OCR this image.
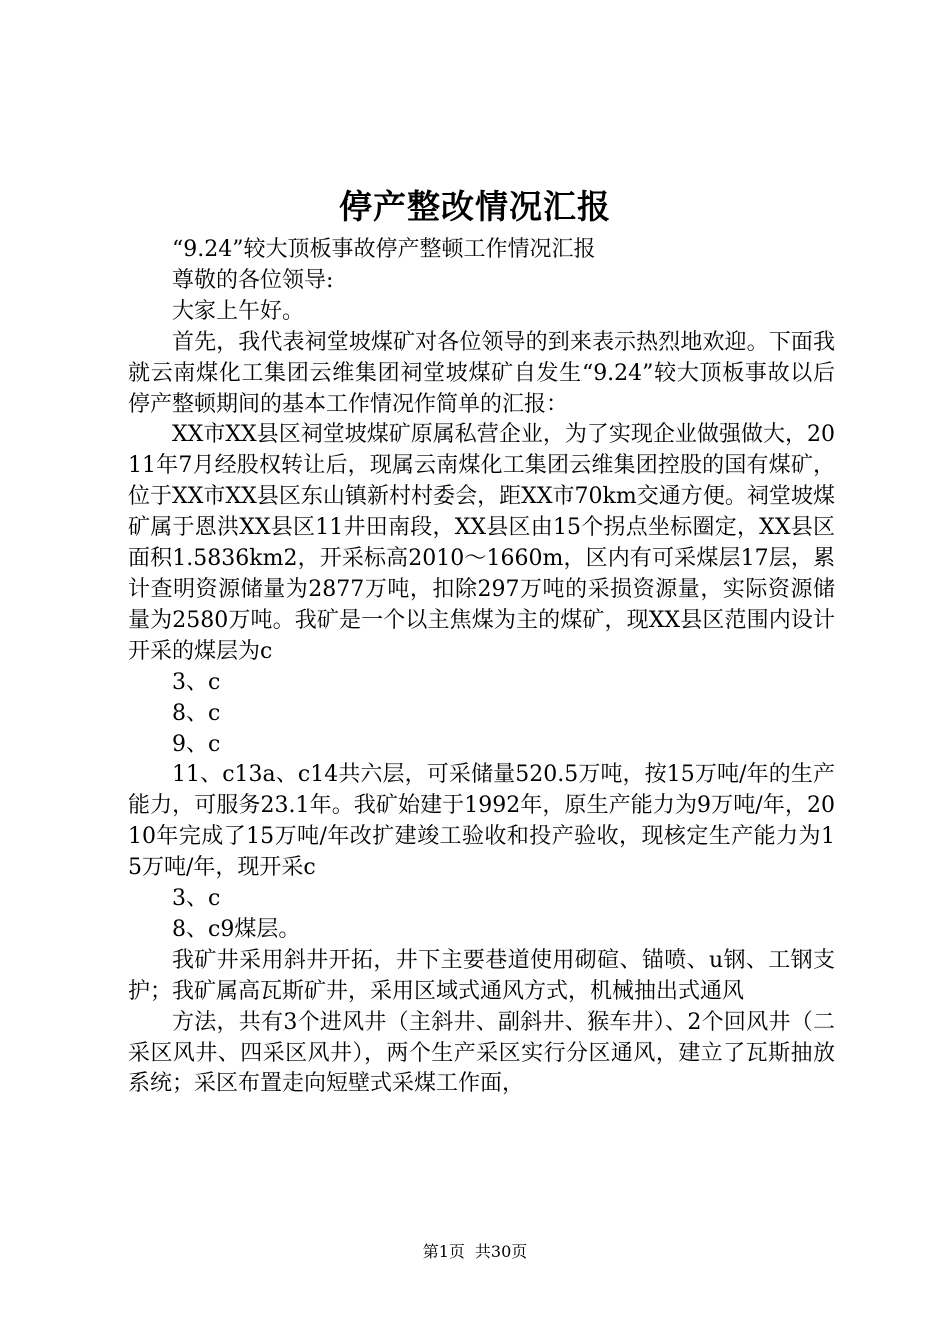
停产整改情况汇报

“9.24”较大顶板事故停产整顿工作情况汇报

尊敬的各位领导:

大家上午好。

首先，我代表祠堂坡煤矿对各位领导的到来表示热烈地欢迎。下面我就云南煤化工集团云维集团祠堂坡煤矿自发生“9.24”较大顶板事故以后停产整顿期间的基本工作情况作简单的汇报：

XX市XX县区祠堂坡煤矿原属私营企业，为了实现企业做强做大，2011年7月经股权转让后，现属云南煤化工集团云维集团控股的国有煤矿，位于XX市XX县区东山镇新村村委会，距XX市70km交通方便。祠堂坡煤矿属于恩洪XX县区11井田南段，XX县区由15个拐点坐标圈定，XX县区面积1.5836km2，开采标高2010～1660m，区内有可采煤层17层，累计查明资源储量为2877万吨，扣除297万吨的采损资源量，实际资源储量为2580万吨。我矿是一个以主焦煤为主的煤矿，现XX县区范围内设计开采的煤层为c

3、c

8、c

9、c

11、c13a、c14共六层，可采储量520.5万吨，按15万吨/年的生产能力，可服务23.1年。我矿始建于1992年，原生产能力为9万吨/年，2010年完成了15万吨/年改扩建竣工验收和投产验收，现核定生产能力为15万吨/年，现开采c

3、c

8、c9煤层。

我矿井采用斜井开拓，井下主要巷道使用砌碹、锚喷、u钢、工钢支护；我矿属高瓦斯矿井，采用区域式通风方式，机械抽出式通风

方法，共有3个进风井（主斜井、副斜井、猴车井）、2个回风井（二采区风井、四采区风井），两个生产采区实行分区通风，建立了瓦斯抽放系统；采区布置走向短壁式采煤工作面，

第1页 共30页
